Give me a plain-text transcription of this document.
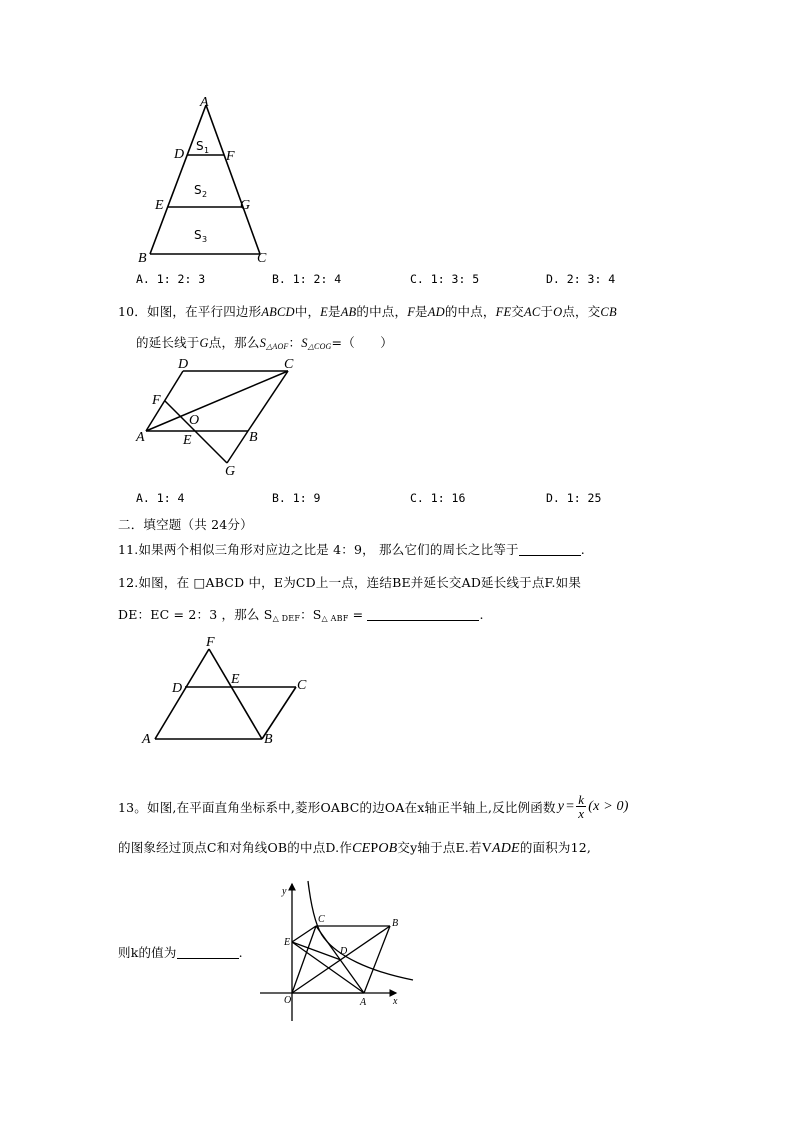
A
D	F
E	G
B	C
S 1
S 2
S 3
A. 1: 2: 3	B. 1: 2: 4	C. 1: 3: 5	D. 2: 3: 4
10．如图，在平行四边形ABCD中，E是AB的中点，F是AD的中点，FE交AC于O点，交CB
的延长线于G点，那么S△AOF：S△COG=（　　）
D	C
F
O
A	E	B
G
A. 1: 4	B. 1: 9	C. 1: 16	D. 1: 25
二．填空题（共 24分）
11.如果两个相似三角形对应边之比是 4：9， 那么它们的周长之比等于	.
12.如图，在 □ABCD 中，E为CD上一点，连结BE并延长交AD延长线于点F.如果
DE：EC = 2：3 ，那么 S△ DEF：S△ ABF =	.
F
D
E	C
A	B
13。如图,在平面直角坐标系中,菱形OABC的边OA在x轴正半轴上,反比例函数 $y = \frac{k}{x} (x > 0)$
的图象经过顶点C和对角线OB的中点D.作CEPOB交y轴于点E.若VADE的面积为12,
则k的值为	.
y
x
C	B
E
D
O	A
